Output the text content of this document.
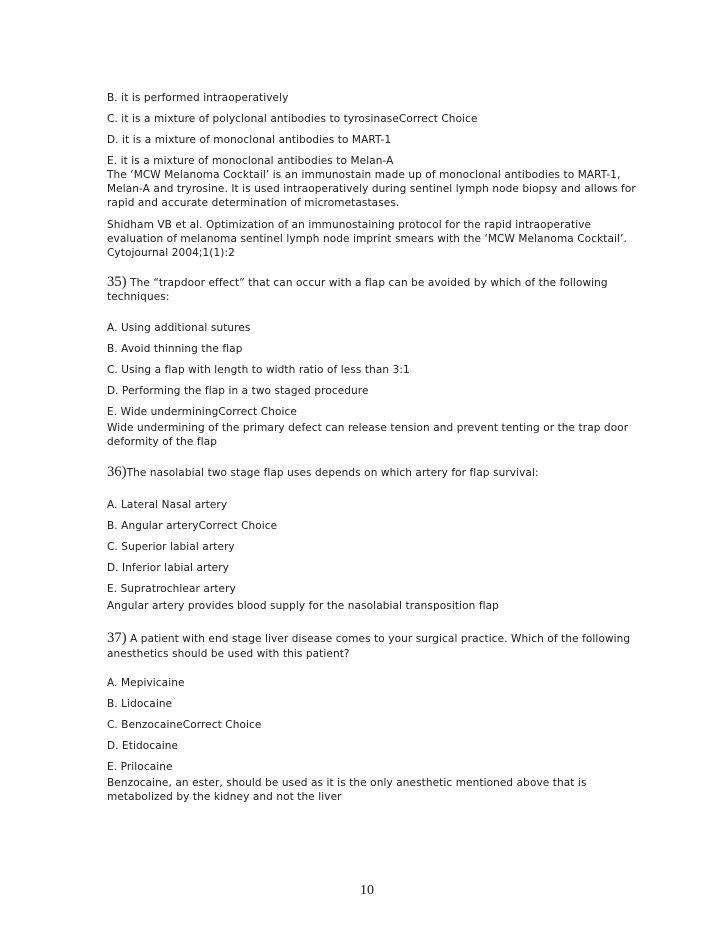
B. it is performed intraoperatively
C. it is a mixture of polyclonal antibodies to tyrosinaseCorrect Choice
D. it is a mixture of monoclonal antibodies to MART-1
E. it is a mixture of monoclonal antibodies to Melan-A
The ‘MCW Melanoma Cocktail’ is an immunostain made up of monoclonal antibodies to MART-1,
Melan-A and tryrosine. It is used intraoperatively during sentinel lymph node biopsy and allows for
rapid and accurate determination of micrometastases.
Shidham VB et al. Optimization of an immunostaining protocol for the rapid intraoperative
evaluation of melanoma sentinel lymph node imprint smears with the ‘MCW Melanoma Cocktail’.
Cytojournal 2004;1(1):2
35) The “trapdoor effect” that can occur with a flap can be avoided by which of the following
techniques:
A. Using additional sutures
B. Avoid thinning the flap
C. Using a flap with length to width ratio of less than 3:1
D. Performing the flap in a two staged procedure
E. Wide underminingCorrect Choice
Wide undermining of the primary defect can release tension and prevent tenting or the trap door
deformity of the flap
36)The nasolabial two stage flap uses depends on which artery for flap survival:
A. Lateral Nasal artery
B. Angular arteryCorrect Choice
C. Superior labial artery
D. Inferior labial artery
E. Supratrochlear artery
Angular artery provides blood supply for the nasolabial transposition flap
37) A patient with end stage liver disease comes to your surgical practice. Which of the following
anesthetics should be used with this patient?
A. Mepivicaine
B. Lidocaine
C. BenzocaineCorrect Choice
D. Etidocaine
E. Prilocaine
Benzocaine, an ester, should be used as it is the only anesthetic mentioned above that is
metabolized by the kidney and not the liver
10
